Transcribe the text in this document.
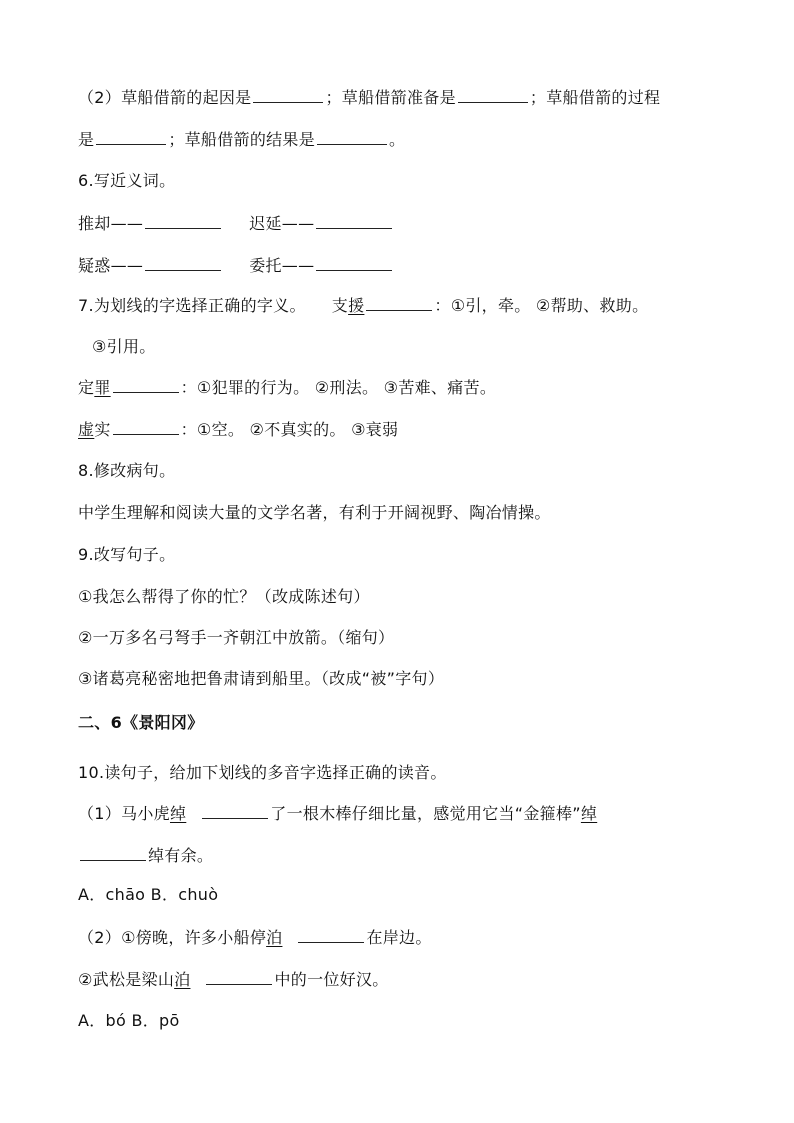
（2）草船借箭的起因是	；草船借箭准备是	；草船借箭的过程
是	；草船借箭的结果是	。
6.写近义词。
推却——	迟延——
疑惑——	委托——
7.为划线的字选择正确的字义。 支援	：①引，牵。 ②帮助、救助。
③引用。
定罪	：①犯罪的行为。 ②刑法。 ③苦难、痛苦。
虚实	：①空。 ②不真实的。 ③衰弱
8.修改病句。
中学生理解和阅读大量的文学名著，有利于开阔视野、陶冶情操。
9.改写句子。
①我怎么帮得了你的忙？（改成陈述句）
②一万多名弓弩手一齐朝江中放箭。（缩句）
③诸葛亮秘密地把鲁肃请到船里。（改成“被”字句）
二、6《景阳冈》
10.读句子，给加下划线的多音字选择正确的读音。
（1）马小虎绰	了一根木棒仔细比量，感觉用它当“金箍棒”绰
绰有余。
A．chāo B．chuò
（2）①傍晚，许多小船停泊	在岸边。
②武松是梁山泊	中的一位好汉。
A．bó B．pō
